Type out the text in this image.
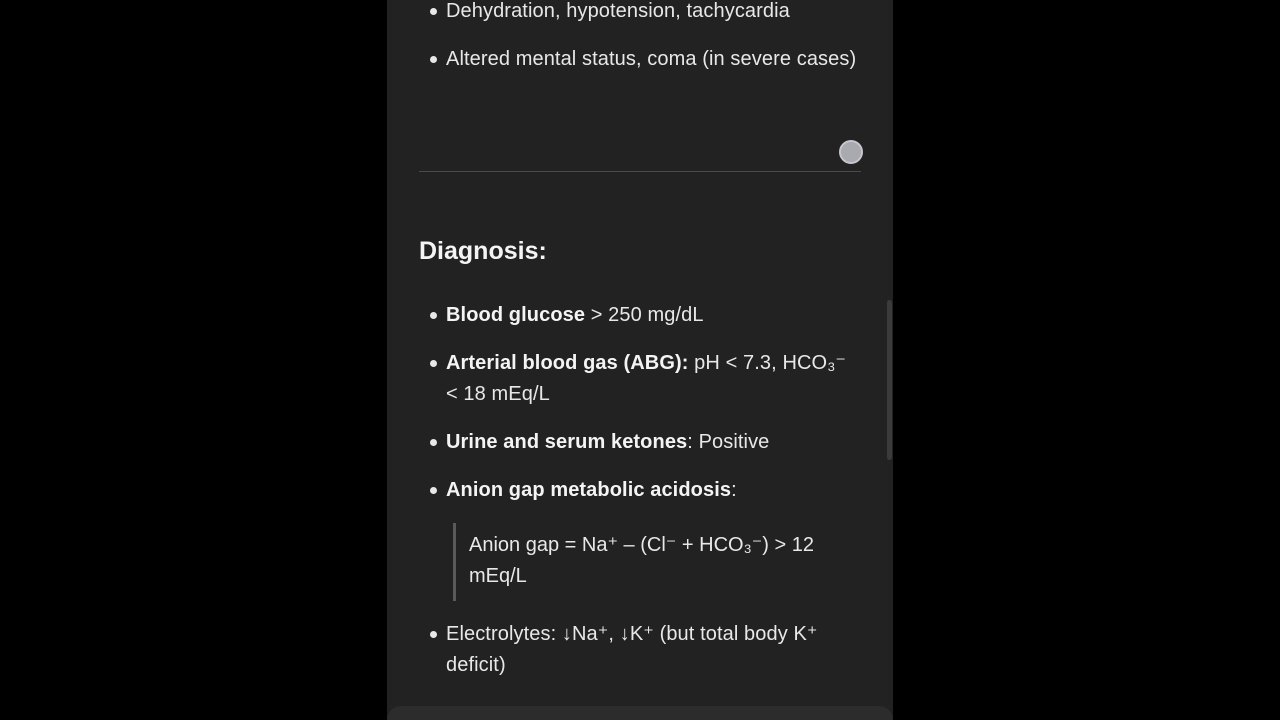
Dehydration, hypotension, tachycardia
Altered mental status, coma (in severe cases)
Diagnosis:
Blood glucose > 250 mg/dL
Arterial blood gas (ABG): pH < 7.3, HCO₃⁻ < 18 mEq/L
Urine and serum ketones: Positive
Anion gap metabolic acidosis:
Anion gap = Na⁺ – (Cl⁻ + HCO₃⁻) > 12 mEq/L
Electrolytes: ↓Na⁺, ↓K⁺ (but total body K⁺ deficit)
